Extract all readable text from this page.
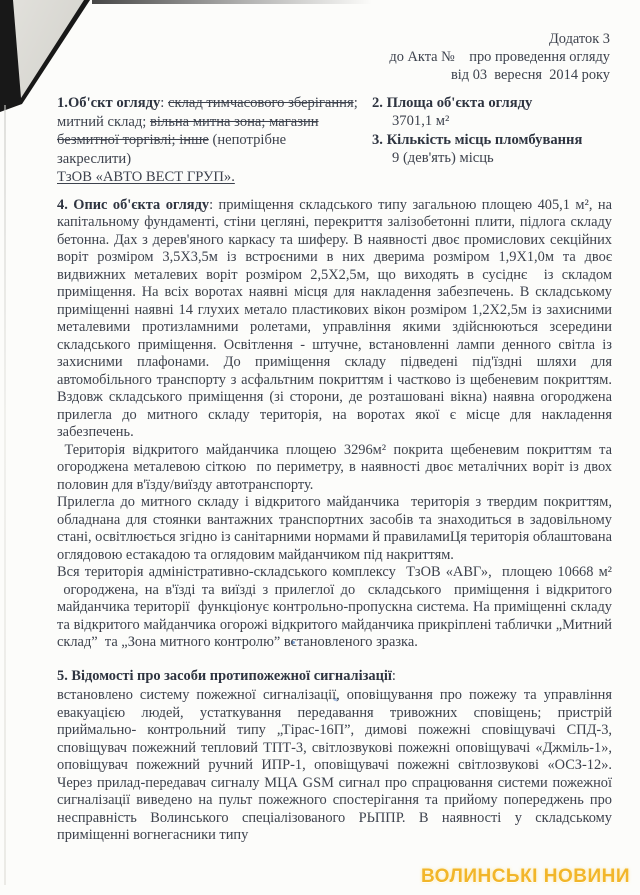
Додаток 3
до Акта №    про проведення огляду
від 03  вересня  2014 року
1.Об'скт огляду: склад тимчасового зберігання; митний склад; вільна митна зона; магазин безмитної торгівлі; інше (непотрібне закреслити)
ТзОВ «АВТО ВЕСТ ГРУП».
2. Площа об'єкта огляду
3701,1 м²
3. Кількість місць пломбування
9 (дев'ять) місць

4. Опис об'єкта огляду: приміщення складського типу загальною площею 405,1 м², на капітальному фундаменті, стіни цегляні, перекриття залізобетонні плити, підлога складу бетонна. Дах з дерев'яного каркасу та шиферу. В наявності двоє промислових секційних воріт розміром 3,5Х3,5м із встроєними в них дверима розміром 1,9Х1,0м та двоє видвижних металевих воріт розміром 2,5Х2,5м, що виходять в сусіднє  із складом приміщення. На всіх воротах наявні місця для накладення забезпечень. В складському приміщенні наявні 14 глухих метало пластикових вікон розміром 1,2Х2,5м із захисними металевими протизламними ролетами, управління якими здійснюються зсередини складського приміщення. Освітлення - штучне, встановленні лампи денного світла із захисними плафонами. До приміщення складу підведені під'їздні шляхи для автомобільного транспорту з асфальтним покриттям і частково із щебеневим покриттям. Вздовж складського приміщення (зі сторони, де розташовані вікна) наявна огороджена прилегла до митного складу територія, на воротах якої є місце для накладення забезпечень.

Територія відкритого майданчика площею 3296м² покрита щебеневим покриттям та огороджена металевою сіткою  по периметру, в наявності двоє металічних воріт із двох половин для в'їзду/виїзду автотранспорту.

Прилегла до митного складу і відкритого майданчика  територія з твердим покриттям, обладнана для стоянки вантажних транспортних засобів та знаходиться в задовільному стані, освітлюється згідно із санітарними нормами й правиламиЦя територія облаштована оглядовою естакадою та оглядовим майданчиком під накриттям.

Вся територія адміністративно-складського комплексу  ТзОВ «АВГ»,  площею 10668 м²  огороджена, на в'їзді та виїзді з прилеглої до  складського  приміщення і відкритого майданчика території  функціонує контрольно-пропускна система. На приміщенні складу та відкритого майданчика огорожі відкритого майданчика прикріплені таблички „Митний склад”  та „Зона митного контролю” встановленого зразка.

5. Відомості про засоби протипожежної сигналізації:

встановлено систему пожежної сигналізації, оповіщування про пожежу та управління евакуацією людей, устаткування передавання тривожних сповіщень; пристрій приймально- контрольний типу „Тірас-16П”, димові пожежні сповіщувачі СПД-3, сповіщувач пожежний тепловий ТПТ-3, світлозвукові пожежні оповіщувачі «Джміль-1», оповіщувач пожежний ручний ИПР-1, оповіщувачі пожежні світлозвукові «ОСЗ-12». Через прилад-передавач сигналу МЦА GSM сигнал про спрацювання системи пожежної сигналізації виведено на пульт пожежного спостерігання та прийому попереджень про несправність Волинського спеціалізованого РЬППР. В наявності у складському приміщенні вогнегасники типу

ВОЛИНСЬКІ НОВИНИ
